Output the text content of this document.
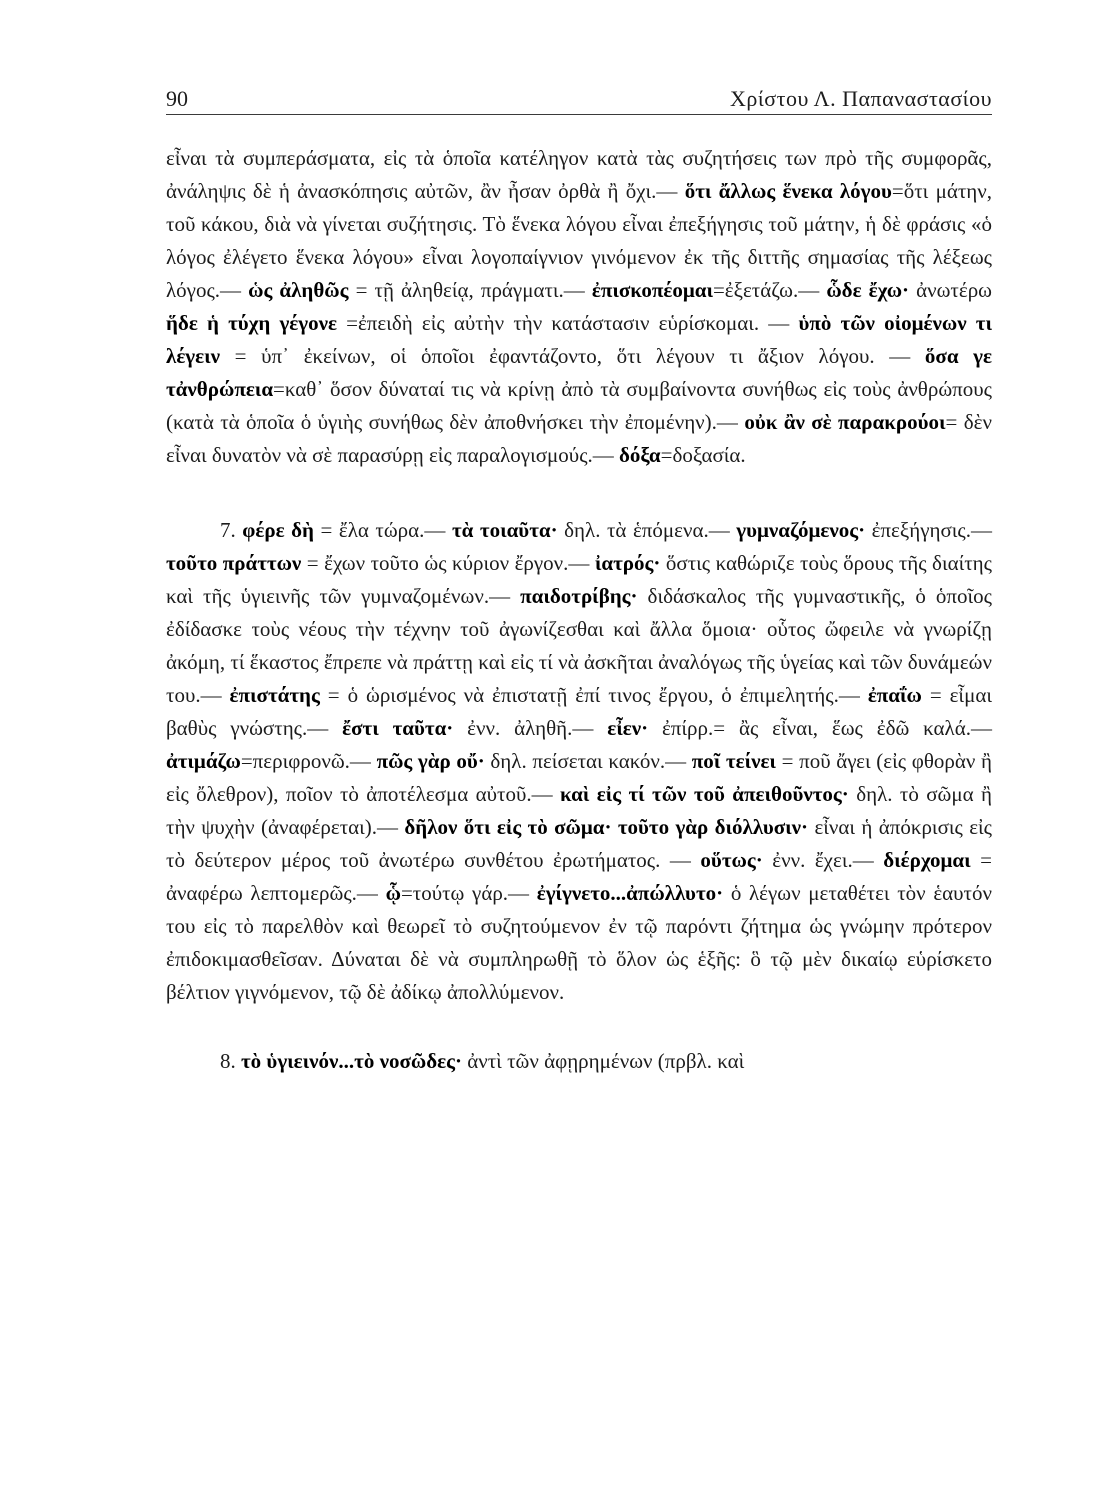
90	Χρίστου Λ. Παπαναστασίου

εἶναι τὰ συμπεράσματα, εἰς τὰ ὁποῖα κατέληγον κατὰ τὰς συζητήσεις των πρὸ τῆς συμφορᾶς, ἀνάληψις δὲ ἡ ἀνασκόπησις αὐτῶν, ἂν ἦσαν ὀρθὰ ἢ ὄχι.— ὅτι ἄλλως ἕνεκα λόγου=ὅτι μάτην, τοῦ κάκου, διὰ νὰ γίνεται συζήτησις. Τὸ ἕνεκα λόγου εἶναι ἐπεξήγησις τοῦ μάτην, ἡ δὲ φράσις «ὁ λόγος ἐλέγετο ἕνεκα λόγου» εἶναι λογοπαίγνιον γινόμενον ἐκ τῆς διττῆς σημασίας τῆς λέξεως λόγος.— ὡς ἀληθῶς = τῇ ἀληθείᾳ, πράγματι.— ἐπισκοπέομαι=ἐξετάζω.— ὧδε ἔχω· ἀνωτέρω ἥδε ἡ τύχη γέγονε =ἐπειδὴ εἰς αὐτὴν τὴν κατάστασιν εὑρίσκομαι. — ὑπὸ τῶν οἰομένων τι λέγειν = ὑπ᾽ ἐκείνων, οἱ ὁποῖοι ἐφαντάζοντο, ὅτι λέγουν τι ἄξιον λόγου. — ὅσα γε τἀνθρώπεια=καθ᾽ ὅσον δύναταί τις νὰ κρίνῃ ἀπὸ τὰ συμβαίνοντα συνήθως εἰς τοὺς ἀνθρώπους (κατὰ τὰ ὁποῖα ὁ ὑγιὴς συνήθως δὲν ἀποθνήσκει τὴν ἐπομένην).— οὐκ ἂν σὲ παρακρούοι= δὲν εἶναι δυνατὸν νὰ σὲ παρασύρῃ εἰς παραλογισμούς.— δόξα=δοξασία.

7. φέρε δὴ = ἔλα τώρα.— τὰ τοιαῦτα· δηλ. τὰ ἑπόμενα.— γυμναζόμενος· ἐπεξήγησις.— τοῦτο πράττων = ἔχων τοῦτο ὡς κύριον ἔργον.— ἰατρός· ὅστις καθώριζε τοὺς ὅρους τῆς διαίτης καὶ τῆς ὑγιεινῆς τῶν γυμναζομένων.— παιδοτρίβης· διδάσκαλος τῆς γυμναστικῆς, ὁ ὁποῖος ἐδίδασκε τοὺς νέους τὴν τέχνην τοῦ ἀγωνίζεσθαι καὶ ἄλλα ὅμοια· οὗτος ὤφειλε νὰ γνωρίζῃ ἀκόμη, τί ἕκαστος ἔπρεπε νὰ πράττῃ καὶ εἰς τί νὰ ἀσκῆται ἀναλόγως τῆς ὑγείας καὶ τῶν δυνάμεών του.— ἐπιστάτης = ὁ ὡρισμένος νὰ ἐπιστατῇ ἐπί τινος ἔργου, ὁ ἐπιμελητής.— ἐπαΐω = εἶμαι βαθὺς γνώστης.— ἔστι ταῦτα· ἐνν. ἀληθῆ.— εἶεν· ἐπίρρ.= ἂς εἶναι, ἕως ἐδῶ καλά.— ἀτιμάζω=περιφρονῶ.— πῶς γὰρ οὔ· δηλ. πείσεται κακόν.— ποῖ τείνει = ποῦ ἄγει (εἰς φθορὰν ἢ εἰς ὄλεθρον), ποῖον τὸ ἀποτέλεσμα αὐτοῦ.— καὶ εἰς τί τῶν τοῦ ἀπειθοῦντος· δηλ. τὸ σῶμα ἢ τὴν ψυχὴν (ἀναφέρεται).— δῆλον ὅτι εἰς τὸ σῶμα· τοῦτο γὰρ διόλλυσιν· εἶναι ἡ ἀπόκρισις εἰς τὸ δεύτερον μέρος τοῦ ἀνωτέρω συνθέτου ἐρωτήματος. — οὕτως· ἐνν. ἔχει.— διέρχομαι = ἀναφέρω λεπτομερῶς.— ᾧ=τούτῳ γάρ.— ἐγίγνετο...ἀπώλλυτο· ὁ λέγων μεταθέτει τὸν ἑαυτόν του εἰς τὸ παρελθὸν καὶ θεωρεῖ τὸ συζητούμενον ἐν τῷ παρόντι ζήτημα ὡς γνώμην πρότερον ἐπιδοκιμασθεῖσαν. Δύναται δὲ νὰ συμπληρωθῇ τὸ ὅλον ὡς ἑξῆς: ὃ τῷ μὲν δικαίῳ εὑρίσκετο βέλτιον γιγνόμενον, τῷ δὲ ἀδίκῳ ἀπολλύμενον.

8. τὸ ὑγιεινόν...τὸ νοσῶδες· ἀντὶ τῶν ἀφῃρημένων (πρβλ. καὶ
